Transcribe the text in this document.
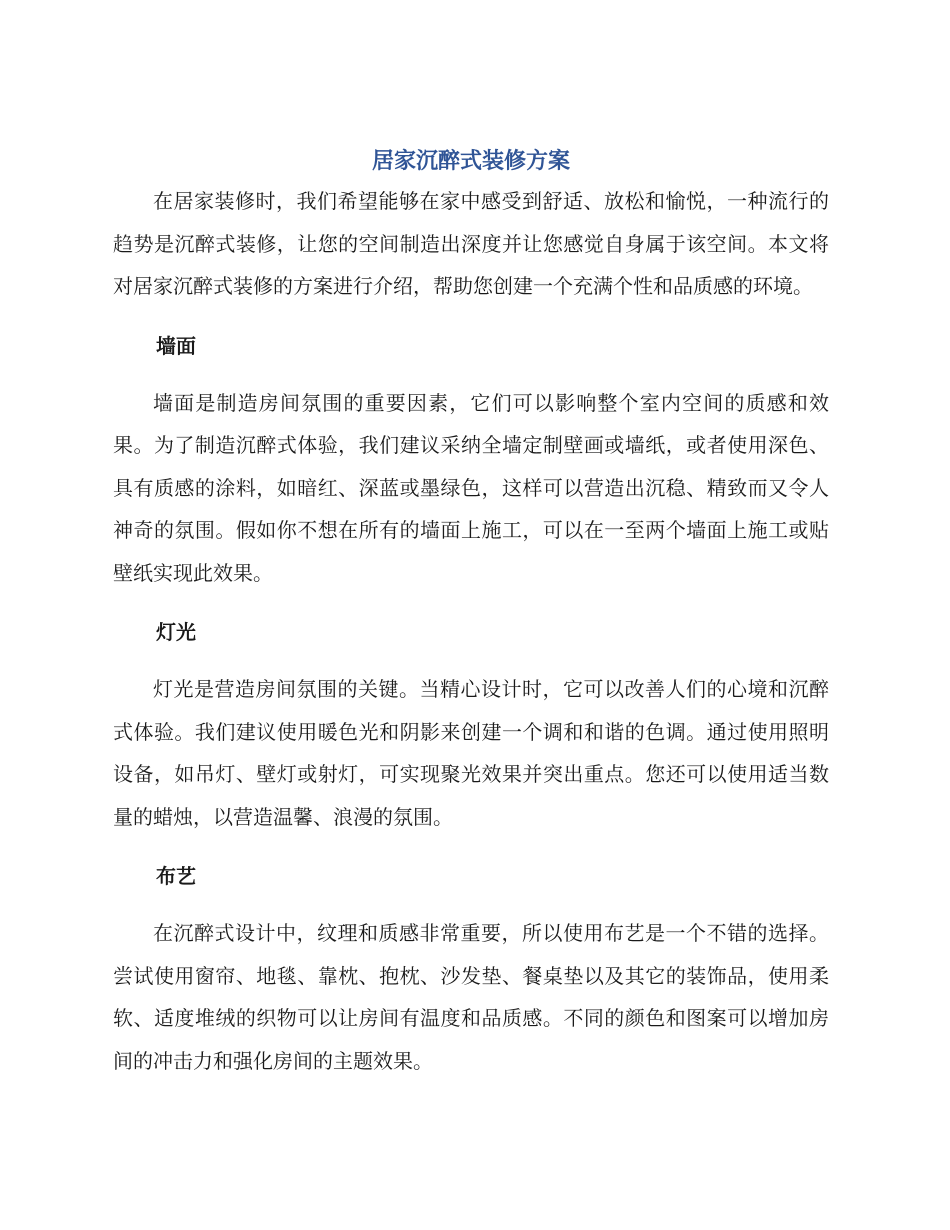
居家沉醉式装修方案

在居家装修时，我们希望能够在家中感受到舒适、放松和愉悦，一种流行的趋势是沉醉式装修，让您的空间制造出深度并让您感觉自身属于该空间。本文将对居家沉醉式装修的方案进行介绍，帮助您创建一个充满个性和品质感的环境。

墙面

墙面是制造房间氛围的重要因素，它们可以影响整个室内空间的质感和效果。为了制造沉醉式体验，我们建议采纳全墙定制壁画或墙纸，或者使用深色、具有质感的涂料，如暗红、深蓝或墨绿色，这样可以营造出沉稳、精致而又令人神奇的氛围。假如你不想在所有的墙面上施工，可以在一至两个墙面上施工或贴壁纸实现此效果。

灯光

灯光是营造房间氛围的关键。当精心设计时，它可以改善人们的心境和沉醉式体验。我们建议使用暖色光和阴影来创建一个调和和谐的色调。通过使用照明设备，如吊灯、壁灯或射灯，可实现聚光效果并突出重点。您还可以使用适当数量的蜡烛，以营造温馨、浪漫的氛围。

布艺

在沉醉式设计中，纹理和质感非常重要，所以使用布艺是一个不错的选择。尝试使用窗帘、地毯、靠枕、抱枕、沙发垫、餐桌垫以及其它的装饰品，使用柔软、适度堆绒的织物可以让房间有温度和品质感。不同的颜色和图案可以增加房间的冲击力和强化房间的主题效果。
